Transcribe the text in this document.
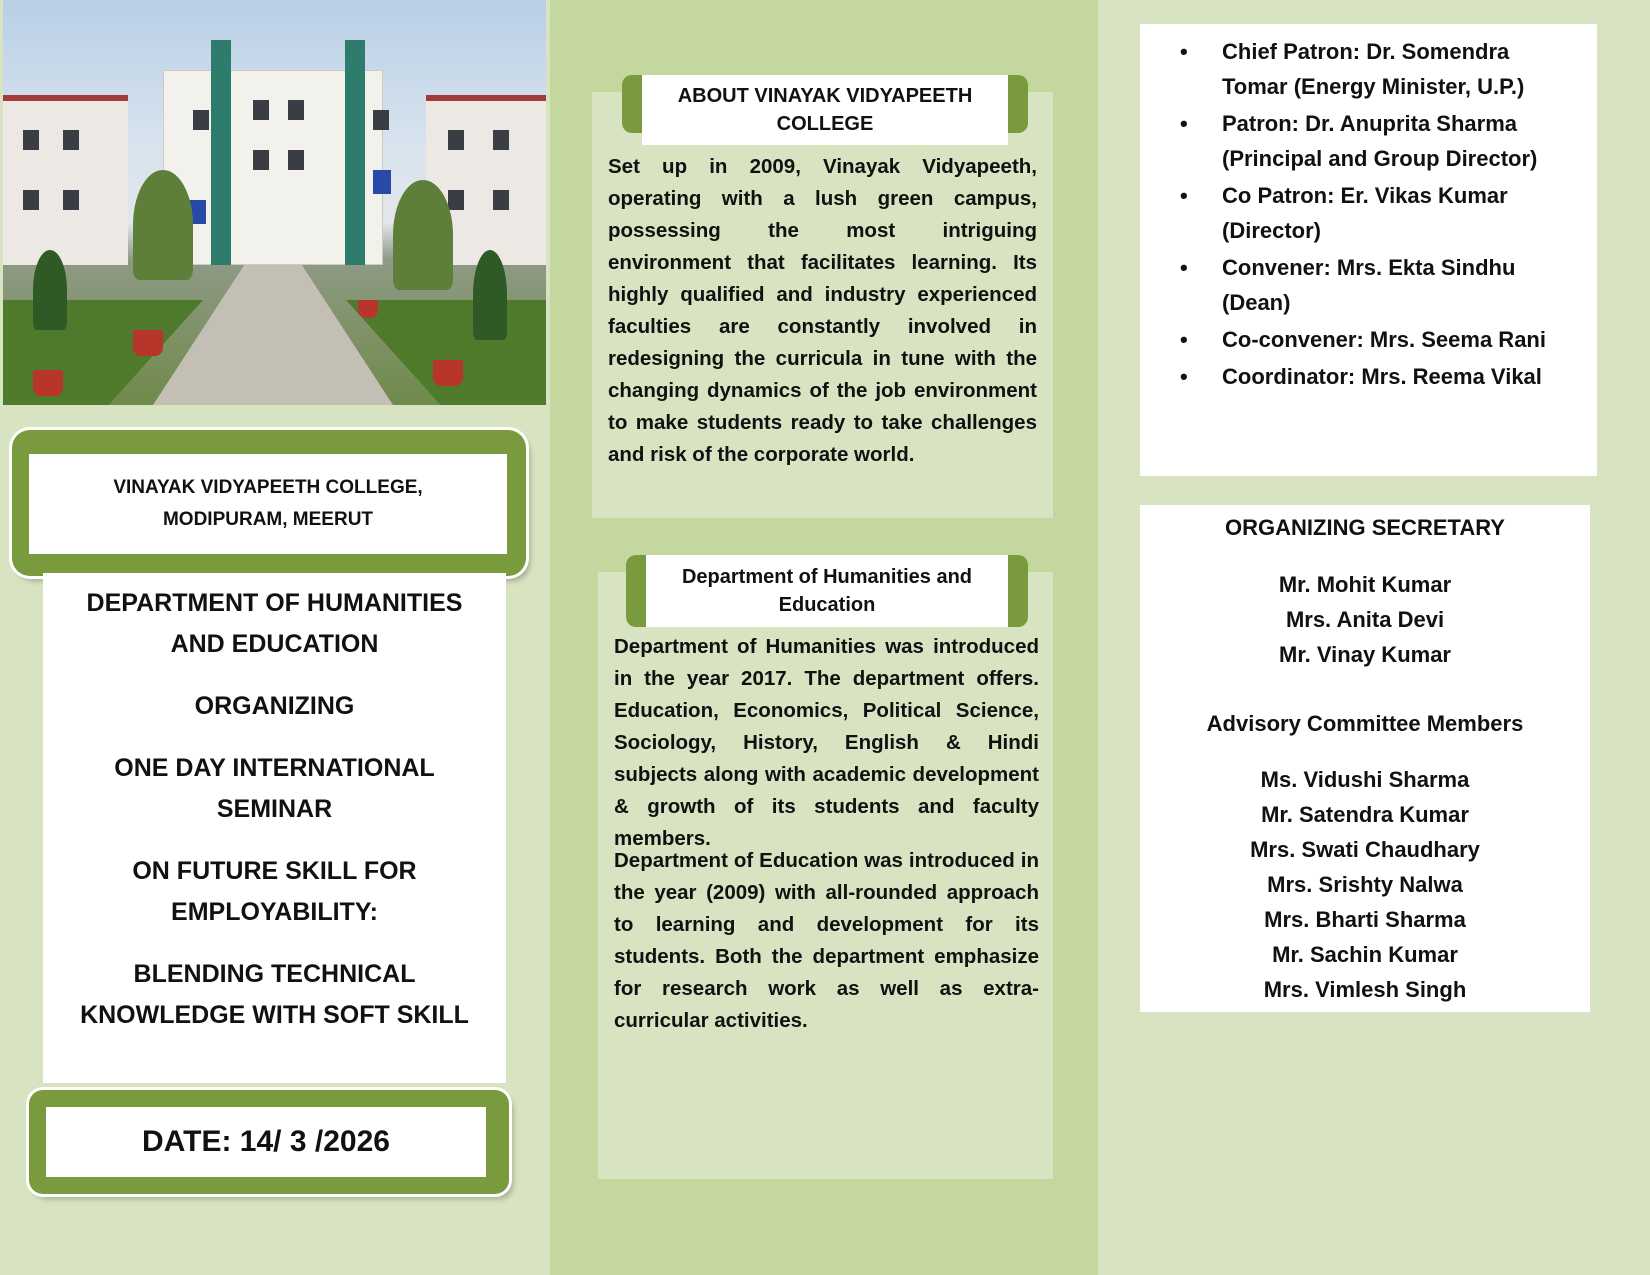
VINAYAK VIDYAPEETH COLLEGE,
MODIPURAM, MEERUT

DEPARTMENT OF HUMANITIES
AND EDUCATION

ORGANIZING

ONE DAY INTERNATIONAL
SEMINAR

ON FUTURE SKILL FOR
EMPLOYABILITY:

BLENDING TECHNICAL
KNOWLEDGE WITH SOFT SKILL

DATE: 14/ 3 /2026
ABOUT VINAYAK VIDYAPEETH
COLLEGE
Set up in 2009, Vinayak Vidyapeeth, operating with a lush green campus, possessing the most intriguing environment that facilitates learning. Its highly qualified and industry experienced faculties are constantly involved in redesigning the curricula in tune with the changing dynamics of the job environment to make students ready to take challenges and risk of the corporate world.
Department of Humanities and
Education
Department of Humanities was introduced in the year 2017. The department offers. Education, Economics, Political Science, Sociology, History, English & Hindi subjects along with academic development & growth of its students and faculty members.
Department of Education was introduced in the year (2009) with all-rounded approach to learning and development for its students. Both the department emphasize for research work as well as extra-curricular activities.
• Chief Patron: Dr. Somendra
Tomar (Energy Minister, U.P.)
• Patron: Dr. Anuprita Sharma
(Principal and Group Director)
• Co Patron: Er. Vikas Kumar
(Director)
• Convener: Mrs. Ekta Sindhu
(Dean)
• Co-convener: Mrs. Seema Rani
• Coordinator: Mrs. Reema Vikal
ORGANIZING SECRETARY
Mr. Mohit Kumar
Mrs. Anita Devi
Mr. Vinay Kumar
Advisory Committee Members
Ms. Vidushi Sharma
Mr. Satendra Kumar
Mrs. Swati Chaudhary
Mrs. Srishty Nalwa
Mrs. Bharti Sharma
Mr. Sachin Kumar
Mrs. Vimlesh Singh
